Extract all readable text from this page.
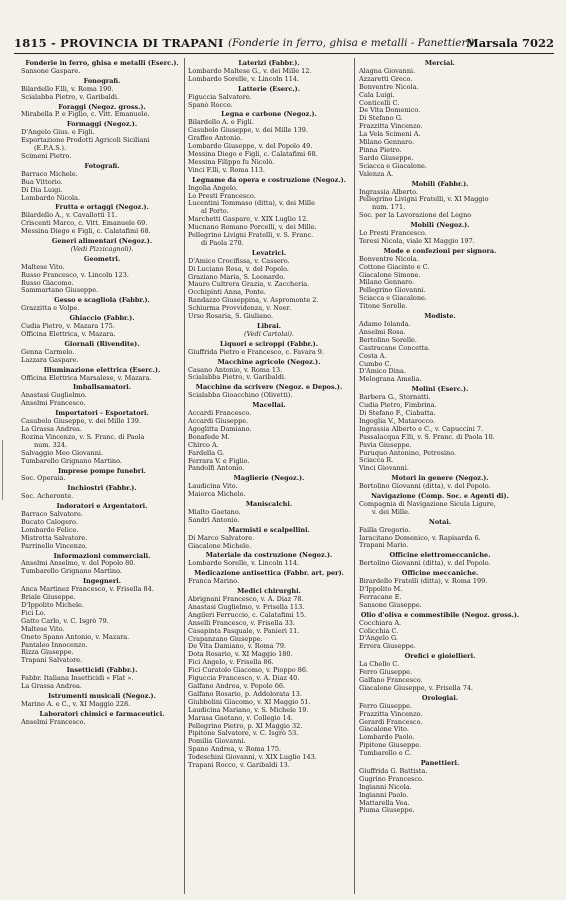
1815 - PROVINCIA DI TRAPANI (Fonderie in ferro, ghisa e metalli - Panettieri)
Marsala 7022
Fonderie in ferro, ghisa e metalli (Eserc.).
Sansone Gaspare.
Fonografi.
Bilardello F.lli, v. Roma 190.
Scialabba Pietro, v. Garibaldi.
Foraggi (Negoz. gross.).
Mirabella P. e Figlio, c. Vitt. Emanuele.
Formaggi (Negoz.).
D'Angelo Gius. e Figli.
Esportazione Prodotti Agricoli Siciliani
(E.P.A.S.).
Scimeni Pietro.
Fotografi.
Barraco Michele.
Bua Vittorio.
Di Dia Luigi.
Lombardo Nicola.
Frutta e ortaggi (Negoz.).
Bilardello A., v. Cavallotti 11.
Criscenti Marco, c. Vitt. Emanuele 69.
Messina Diego e Figli, c. Calatafimi 68.
Generi alimentari (Negoz.).
(Vedi Pizzicagnoli).
Geometri.
Maltese Vito.
Russo Francesco, v. Lincoln 123.
Russo Giacomo.
Sammartano Giuseppe.
Gesso e scagliola (Fabbr.).
Grazzitta e Volpe.
Ghiaccio (Fabbr.).
Cudia Pietro, v. Mazara 175.
Officina Elettrica, v. Mazara.
Giornali (Rivendite).
Genna Carmelo.
Lazzara Gaspare.
Illuminazione elettrica (Eserc.).
Officina Elettrica Marsalese, v. Mazara.
Imballsamatori.
Anastasi Guglielmo.
Anselmi Francesco.
Importatori - Esportatori.
Casubolo Giuseppe, v. dei Mille 139.
La Grassa Andrea.
Rozina Vincenzo, v. S. Franc. di Paola
num. 324.
Salvaggio Meo Giovanni.
Tumbarello Grignano Martino.
Imprese pompe funebri.
Soc. Operaia.
Inchiostri (Fabbr.).
Soc. Acheronte.
Indoratori e Argentatori.
Barraco Salvatore.
Bucato Calogero.
Lombardo Felice.
Mistretta Salvatore.
Parrinello Vincenzo.
Informazioni commerciali.
Anselmi Anselmo, v. del Popolo 80.
Tumbarello Grignano Martino.
Ingegneri.
Anca Martinez Francesco, v. Frisella 84.
Briale Giuseppe.
D'Ippolito Michele.
Fici Lo.
Gatto Carlo, v. C. Isgrò 79.
Maltese Vito.
Oneto Spano Antonio, v. Mazara.
Pantaleo Innocenzo.
Rizza Giuseppe.
Trapani Salvatore.
Insetticidi (Fabbr.).
Fabbr. Italiana Insetticidi « Flat ».
La Grassa Andrea.
Istrumenti musicali (Negoz.).
Marino A. e C., v. XI Maggio 228.
Laboratori chimici e farmaceutici.
Anselmi Francesco.
Laterizi (Fabbr.).
Lombardo Maltese G., v. dei Mille 12.
Lombardo Sorelle, v. Lincoln 114.
Latterie (Eserc.).
Figuccia Salvatore.
Spanò Rocco.
Legna e carbone (Negoz.).
Bilardello A. e Figli.
Casubolo Giuseppe, v. dei Mille 139.
Graffeo Antonio.
Lombardo Giuseppe, v. del Popolo 49.
Messina Diego e Figli, c. Calatafimi 68.
Messina Filippo fu Nicolò.
Vinci F.lli, v. Roma 113.
Legname da opera e costruzione (Negoz.).
Ingolia Angelo.
Lo Presti Francesco.
Lucentini Tommaso (ditta), v. dei Mille
al Porto.
Marchetti Gaspare, v. XIX Luglio 12.
Mucnano Romano Porcelli, v. dei Mille.
Pellegrino Livigni Fratelli, v. S. Franc.
di Paola 270.
Levatrici.
D'Amico Crocifissa, v. Cassero.
Di Luciano Rosa, v. del Popolo.
Graziano Maria, S. Leonardo.
Mauro Cultrera Grazia, v. Zaccheria.
Occhipinti Anna, Ponte.
Randazzo Giuseppina, v. Aspromonte 2.
Schiurma Provvidenza, v. Neer.
Urso Rosaria, S. Giuliano.
Librai.
(Vedi Cartolai).
Liquori e sciroppi (Fabbr.).
Giuffrida Pietro e Francesco, c. Favara 9.
Macchine agricole (Negoz.).
Casano Antonio, v. Roma 13.
Scialabba Pietro, v. Garibaldi.
Macchine da scrivere (Negoz. e Depos.).
Scialabba Gioacchino (Olivetti).
Macellai.
Accardi Francesco.
Accardi Giuseppe.
Agoglitta Damiano.
Bonafede M.
Chirco A.
Fardella G.
Ferrara V. e Figlio.
Pandolfi Antonio.
Maglierie (Negoz.).
Laudicina Vito.
Maiorca Michele.
Maniscalchi.
Mialto Gaetano.
Sandri Antonio.
Marmisti e scalpellini.
Di Marco Salvatore.
Giacalone Michele.
Materiale da costruzione (Negoz.).
Lombardo Sorelle, v. Lincoln 114.
Medicazione antisettica (Fabbr. art. per).
Franca Marino.
Medici chirurghi.
Abrignani Francesco, v. A. Diaz 78.
Anastasi Guglielmo, v. Frisella 113.
Angileri Ferruccio, c. Calatafimi 15.
Anselli Francesco, v. Frisella 33.
Casapinta Pasquale, v. Panieri 11.
Crapanzano Giuseppe.
De Vita Damiano, v. Roma 79.
Dota Rosario, v. XI Maggio 180.
Fici Angelo, v. Frisella 86.
Fici Curatolo Giacomo, v. Pioppo 86.
Figuccia Francesco, v. A. Diaz 40.
Galfano Andrea, v. Popolo 66.
Galfano Rosario, p. Addolorata 13.
Giubbolini Giacomo, v. XI Maggio 51.
Laudicina Mariano, v. S. Michele 19.
Marasa Gaetano, v. Collegio 14.
Pellegrino Pietro, p. XI Maggio 32.
Pipitone Salvatore, v. C. Isgrò 53.
Pomilia Giovanni.
Spano Andrea, v. Roma 175.
Todeschini Giovanni, v. XIX Luglio 143.
Trapani Rocco, v. Garibaldi 13.
Merciai.
Alagna Giovanni.
Azzaretti Greco.
Bonventre Nicola.
Cala Luigi.
Conticelli C.
De Vita Domenico.
Di Stefano G.
Frazzitta Vincenzo.
La Vela Scimeni A.
Milano Gennaro.
Pinna Pietro.
Sardo Giuseppe.
Sciacca e Giacalone.
Valenza A.
Mobili (Fabbr.).
Ingrassia Alberto.
Pellegrino Livigni Fratelli, v. XI Maggio
num. 171.
Soc. per la Lavorazione del Legno
Mobili (Negoz.).
Lo Presti Francesco.
Teresi Nicola, viale XI Maggio 197.
Mode e confezioni per signora.
Bonventre Nicola.
Cottone Giacinto e C.
Giacalone Simone.
Milano Gennaro.
Pellegrino Giovanni.
Sciacca e Giacalone.
Titone Sorelle.
Modiste.
Adamo Iolanda.
Anselmi Rosa.
Bertolino Sorelle.
Castracane Concetta.
Costa A.
Cumbo C.
D'Amico Dina.
Melograna Amelia.
Molini (Eserc.).
Barbera G., Stornatti.
Cudia Pietro, Fimbrina.
Di Stefano F., Ciabatta.
Ingoglia V., Matarocco.
Ingrassia Alberto e C., v. Capuccini 7.
Passalacqua F.lli, v. S. Franc. di Paola 10.
Pavia Giuseppe.
Puruquo Antonino, Petrosino.
Sciacca R.
Vinci Giovanni.
Motori in genere (Negoz.).
Bertolino Giovanni (ditta), v. del Popolo.
Navigazione (Comp. Soc. e Agenti di).
Compagnia di Navigazione Sicula Ligure,
v. dei Mille.
Notai.
Failla Gregorio.
Iaracitano Domenico, v. Rapisarda 6.
Trapani Mario.
Officine elettromeccaniche.
Bertolino Giovanni (ditta), v. del Popolo.
Officine meccaniche.
Birardello Fratelli (ditta), v. Roma 199.
D'Ippolito M.
Ferracane E.
Sansone Giuseppe.
Olio d'oliva e commestibile (Negoz. gross.).
Cocchiara A.
Colicchia C.
D'Angelo G.
Errera Giuseppe.
Orefici e gioiellieri.
La Chello C.
Ferro Giuseppe.
Galfano Francesco.
Giacalone Giuseppe, v. Frisella 74.
Orologiai.
Ferro Giuseppe.
Frazzitta Vincenzo.
Gerardi Francesco.
Giacalone Vito.
Lombardo Paolo.
Pipitone Giuseppe.
Tumbarello e C.
Panettieri.
Giuffrida G. Battista.
Gugrino Francesco.
Ingianni Nicola.
Ingianni Paolo.
Mattarella Vea.
Piuma Giuseppe.
